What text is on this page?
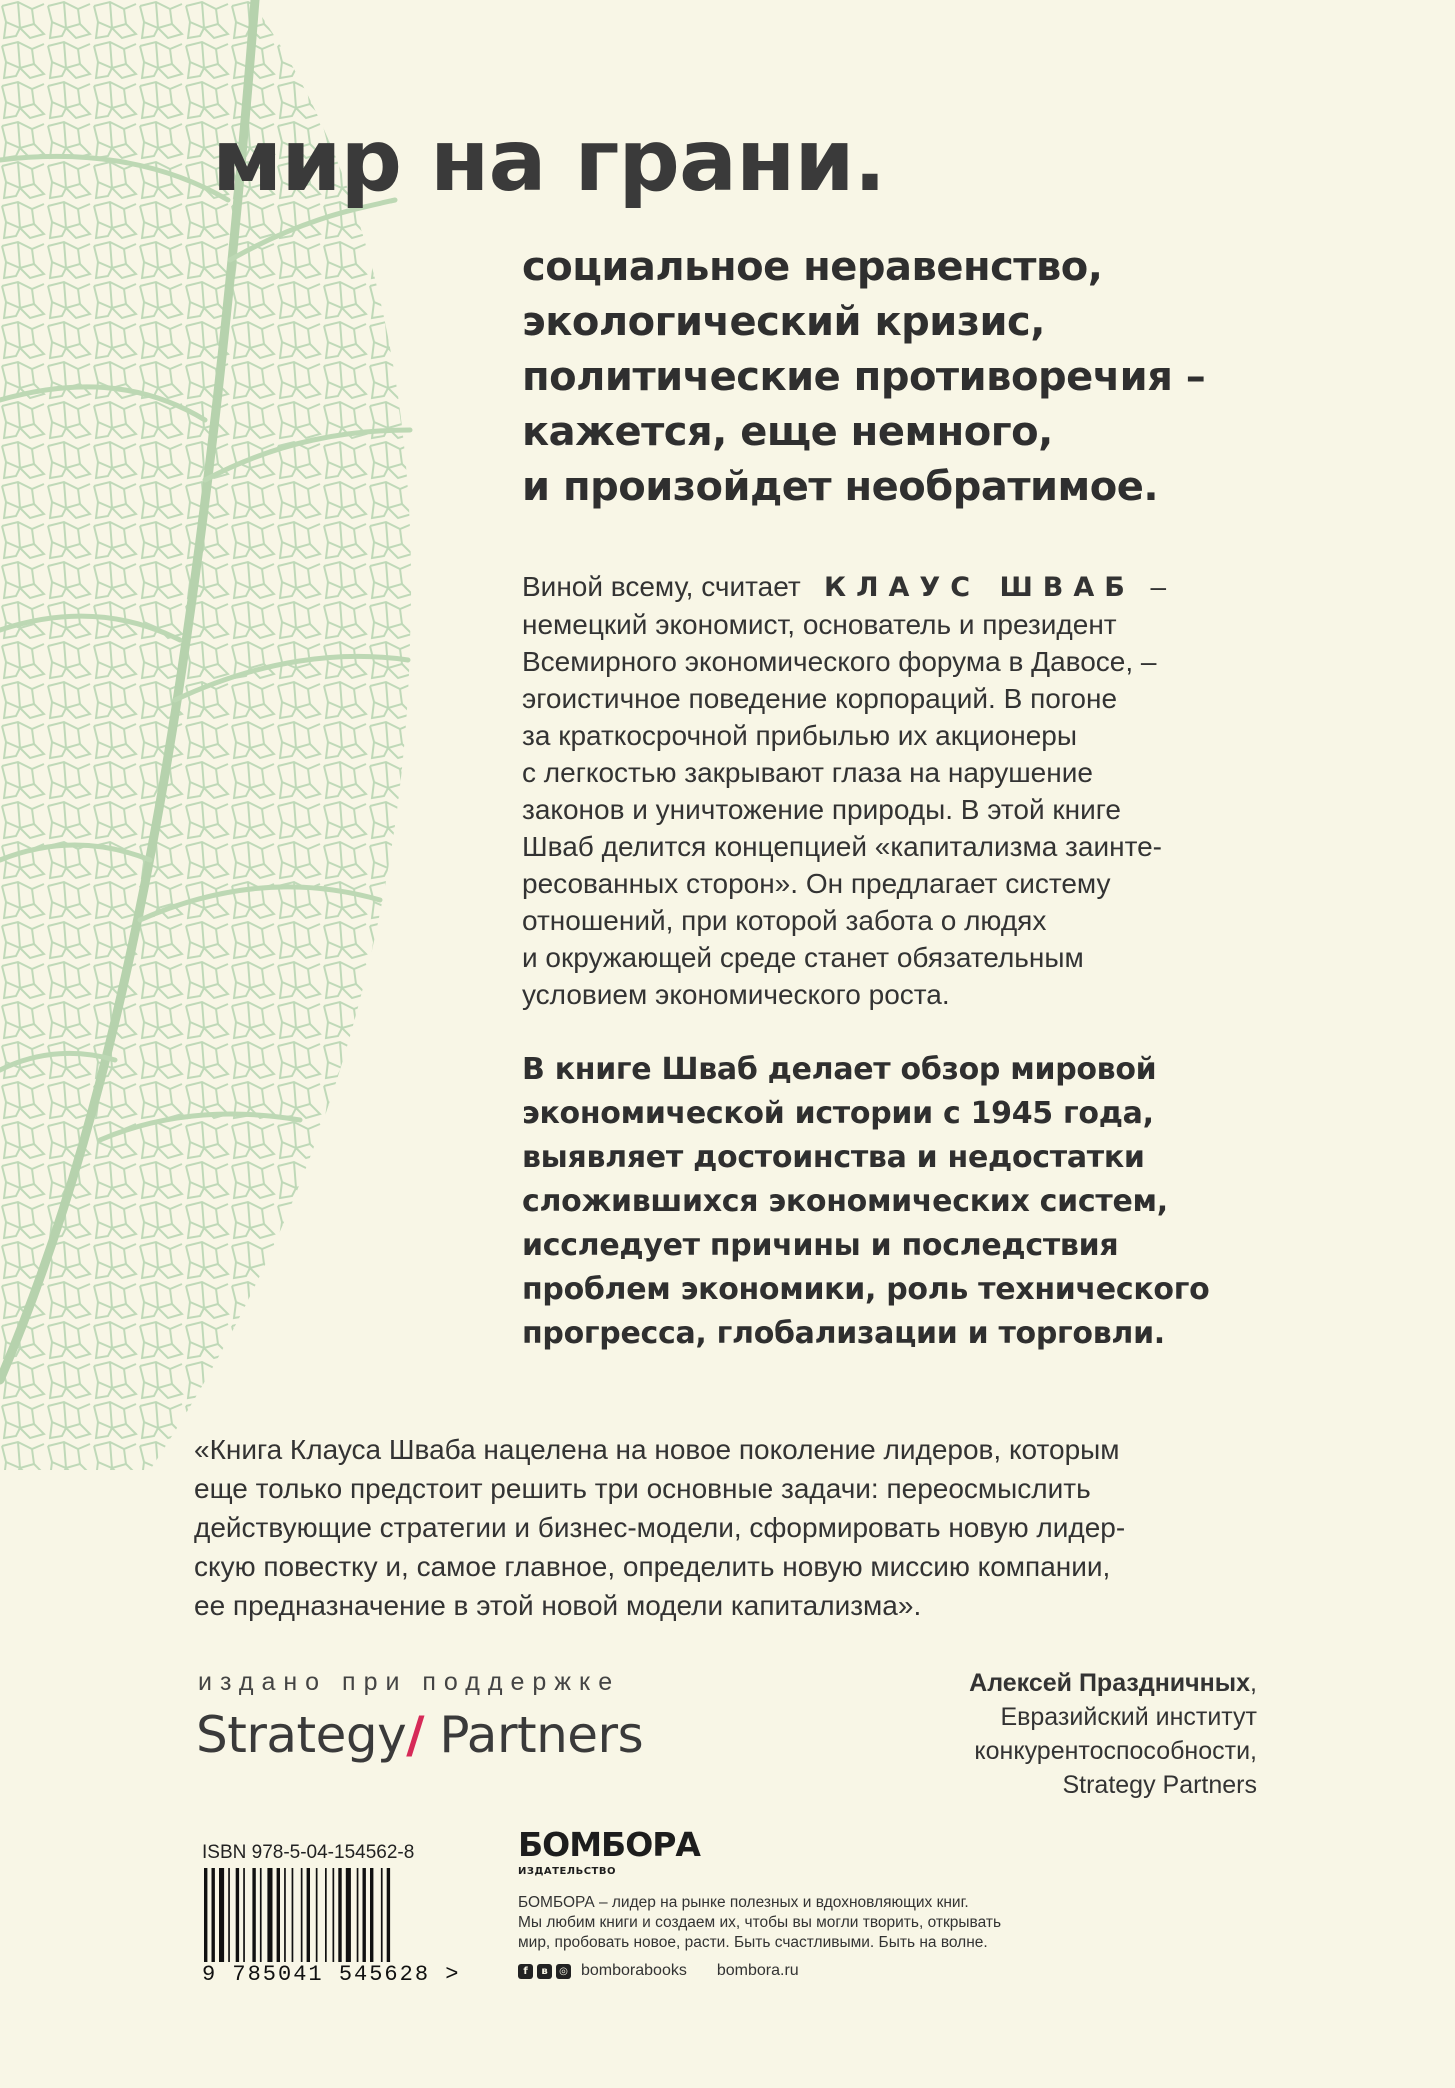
мир на грани.
социальное неравенство,
экологический кризис,
политические противоречия –
кажется, еще немного,
и произойдет необратимое.
Виной всему, считает КЛАУС ШВАБ –
немецкий экономист, основатель и президент
Всемирного экономического форума в Давосе, –
эгоистичное поведение корпораций. В погоне
за краткосрочной прибылью их акционеры
с легкостью закрывают глаза на нарушение
законов и уничтожение природы. В этой книге
Шваб делится концепцией «капитализма заинте-
ресованных сторон». Он предлагает систему
отношений, при которой забота о людях
и окружающей среде станет обязательным
условием экономического роста.
В книге Шваб делает обзор мировой
экономической истории с 1945 года,
выявляет достоинства и недостатки
сложившихся экономических систем,
исследует причины и последствия
проблем экономики, роль технического
прогресса, глобализации и торговли.
«Книга Клауса Шваба нацелена на новое поколение лидеров, которым
еще только предстоит решить три основные задачи: переосмыслить
действующие стратегии и бизнес-модели, сформировать новую лидер-
скую повестку и, самое главное, определить новую миссию компании,
ее предназначение в этой новой модели капитализма».
издано при поддержке
Strategy/ Partners
Алексей Праздничных,
Евразийский институт
конкурентоспособности,
Strategy Partners
ISBN 978-5-04-154562-8
9 785041 545628 >
БОМБОРА
ИЗДАТЕЛЬСТВО
БОМБОРА – лидер на рынке полезных и вдохновляющих книг.
Мы любим книги и создаем их, чтобы вы могли творить, открывать
мир, пробовать новое, расти. Быть счастливыми. Быть на волне.
f	в	◎ bomborabooks bombora.ru
